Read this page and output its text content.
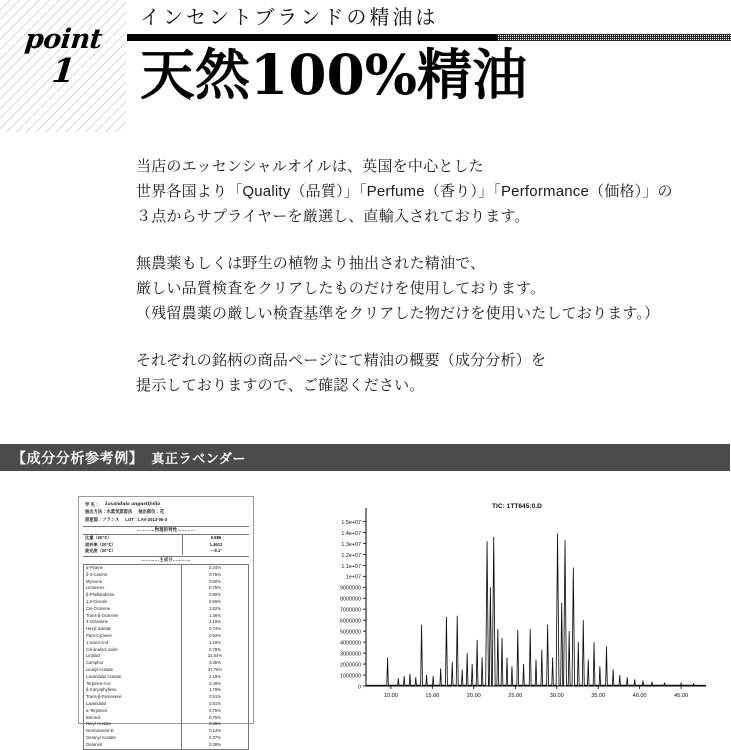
point
1
インセントブランドの精油は
天然100%精油
当店のエッセンシャルオイルは、英国を中心とした
世界各国より「Quality（品質）」「Perfume（香り）」「Performance（価格）」の
３点からサプライヤーを厳選し、直輸入されております。
無農薬もしくは野生の植物より抽出された精油で、
厳しい品質検査をクリアしたものだけを使用しております。
（残留農薬の厳しい検査基準をクリアした物だけを使用いたしております。）
それぞれの銘柄の商品ページにて精油の概要（成分分析）を
提示しておりますので、ご確認ください。
【成分分析参考例】 真正ラベンダー
学 名： Lavandula angustifolia
抽出方法：水蒸気蒸留法 抽出部位：花
原産国：フランス LOT：LAV-2013-06-3
…………物理的特性…………
比重（20℃）	0.886
屈折率（20℃）	1.4612
旋光度（20℃）	－9.1°
…………主成分…………
α-Pinene	0.34%
δ-3-Carene	0.75%
Myrcene	0.50%
Limonene	0.75%
β-Phellandrene	0.90%
1,8-Cineole	0.66%
Cis-Ocimene	2.62%
Trans-β-Ocimene	1.46%
3-Octanone	2.19%
Hexyl acetate	0.74%
Para-Cymene	0.52%
1-octen-3-ol	1.16%
Cis-linalool oxide	0.78%
Linalool	31.04%
Camphor	0.35%
Linalyl Acetate	37.75%
Lavandulyl Acetate	2.18%
Terpinen-4-ol	2.40%
β-Caryophyllene	1.78%
Trans-β-Farnesene	0.51%
Lavandulol	0.81%
α-Terpineol	0.75%
Borneol	0.75%
Neryl Acetate	0.25%
Germacrene-D	0.14%
Geranyl Acetate	0.37%
Geraniol	0.28%
1.5e+07
1.4e+07
1.3e+07
1.2e+07
1.1e+07
1e+07
9000000
8000000
7000000
6000000
5000000
4000000
3000000
2000000
1000000
0
10.00	15.00	20.00	25.00	30.00	35.00	40.00	45.00
TIC: 1TT645:0.D
